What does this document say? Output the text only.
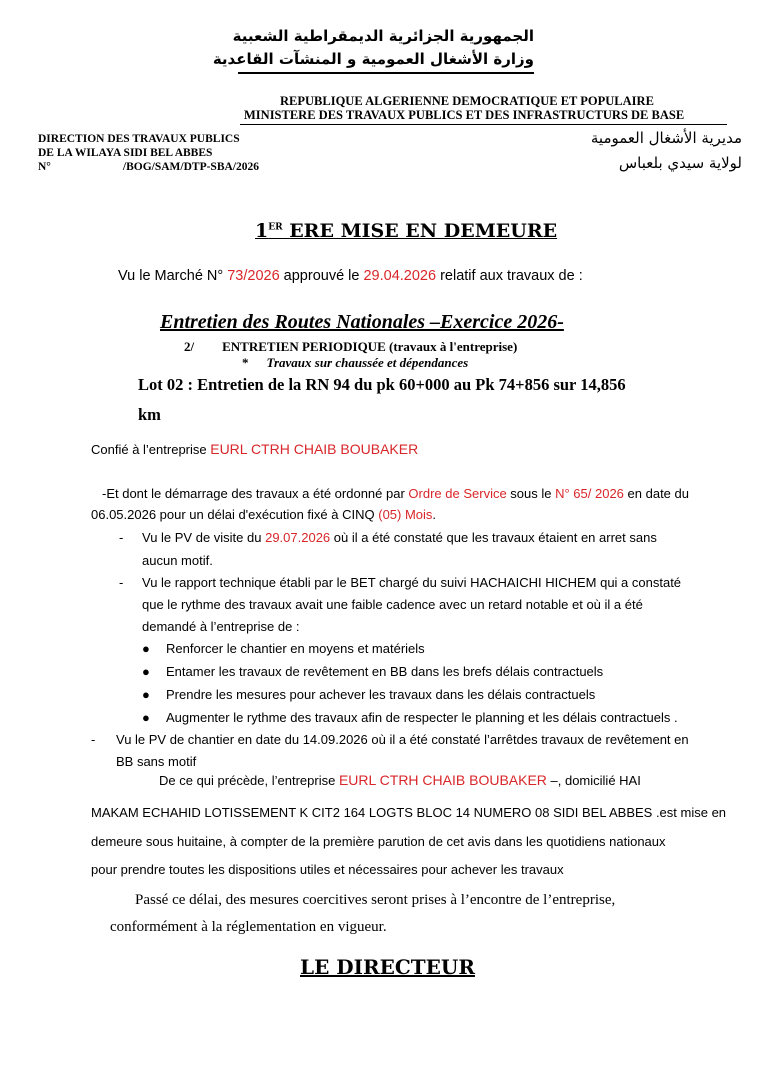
الجمهورية الجزائرية الديمقراطية الشعبية
وزارة الأشغال العمومية و المنشآت القاعدية
REPUBLIQUE ALGERIENNE DEMOCRATIQUE ET POPULAIRE
MINISTERE DES TRAVAUX PUBLICS ET DES INFRASTRUCTURS DE BASE
DIRECTION DES TRAVAUX PUBLICS
DE LA WILAYA SIDI BEL ABBES
N°	/BOG/SAM/DTP-SBA/2026
مديرية الأشغال العمومية
لولاية سيدي بلعباس
1ER ERE MISE EN DEMEURE
Vu le Marché N° 73/2026 approuvé le 29.04.2026 relatif aux travaux de :
Entretien des Routes Nationales –Exercice 2026-
2/ ENTRETIEN PERIODIQUE (travaux à l'entreprise)
* Travaux sur chaussée et dépendances
Lot 02 : Entretien de la RN 94 du pk 60+000 au Pk 74+856 sur 14,856
km
Confié à l’entreprise EURL CTRH CHAIB BOUBAKER
-Et dont le démarrage des travaux a été ordonné par Ordre de Service sous le N° 65/ 2026 en date du
06.05.2026 pour un délai d'exécution fixé à CINQ (05) Mois.
- Vu le PV de visite du 29.07.2026 où il a été constaté que les travaux étaient en arret sans
aucun motif.
- Vu le rapport technique établi par le BET chargé du suivi HACHAICHI HICHEM qui a constaté
que le rythme des travaux avait une faible cadence avec un retard notable et où il a été
demandé à l’entreprise de :
● Renforcer le chantier en moyens et matériels
● Entamer les travaux de revêtement en BB dans les brefs délais contractuels
● Prendre les mesures pour achever les travaux dans les délais contractuels
● Augmenter le rythme des travaux afin de respecter le planning et les délais contractuels .
- Vu le PV de chantier en date du 14.09.2026 où il a été constaté l’arrêtdes travaux de revêtement en
BB sans motif
De ce qui précède, l’entreprise EURL CTRH CHAIB BOUBAKER –, domicilié HAI
MAKAM ECHAHID LOTISSEMENT K CIT2 164 LOGTS BLOC 14 NUMERO 08 SIDI BEL ABBES .est mise en
demeure sous huitaine, à compter de la première parution de cet avis dans les quotidiens nationaux
pour prendre toutes les dispositions utiles et nécessaires pour achever les travaux
Passé ce délai, des mesures coercitives seront prises à l’encontre de l’entreprise,
conformément à la réglementation en vigueur.
LE DIRECTEUR
